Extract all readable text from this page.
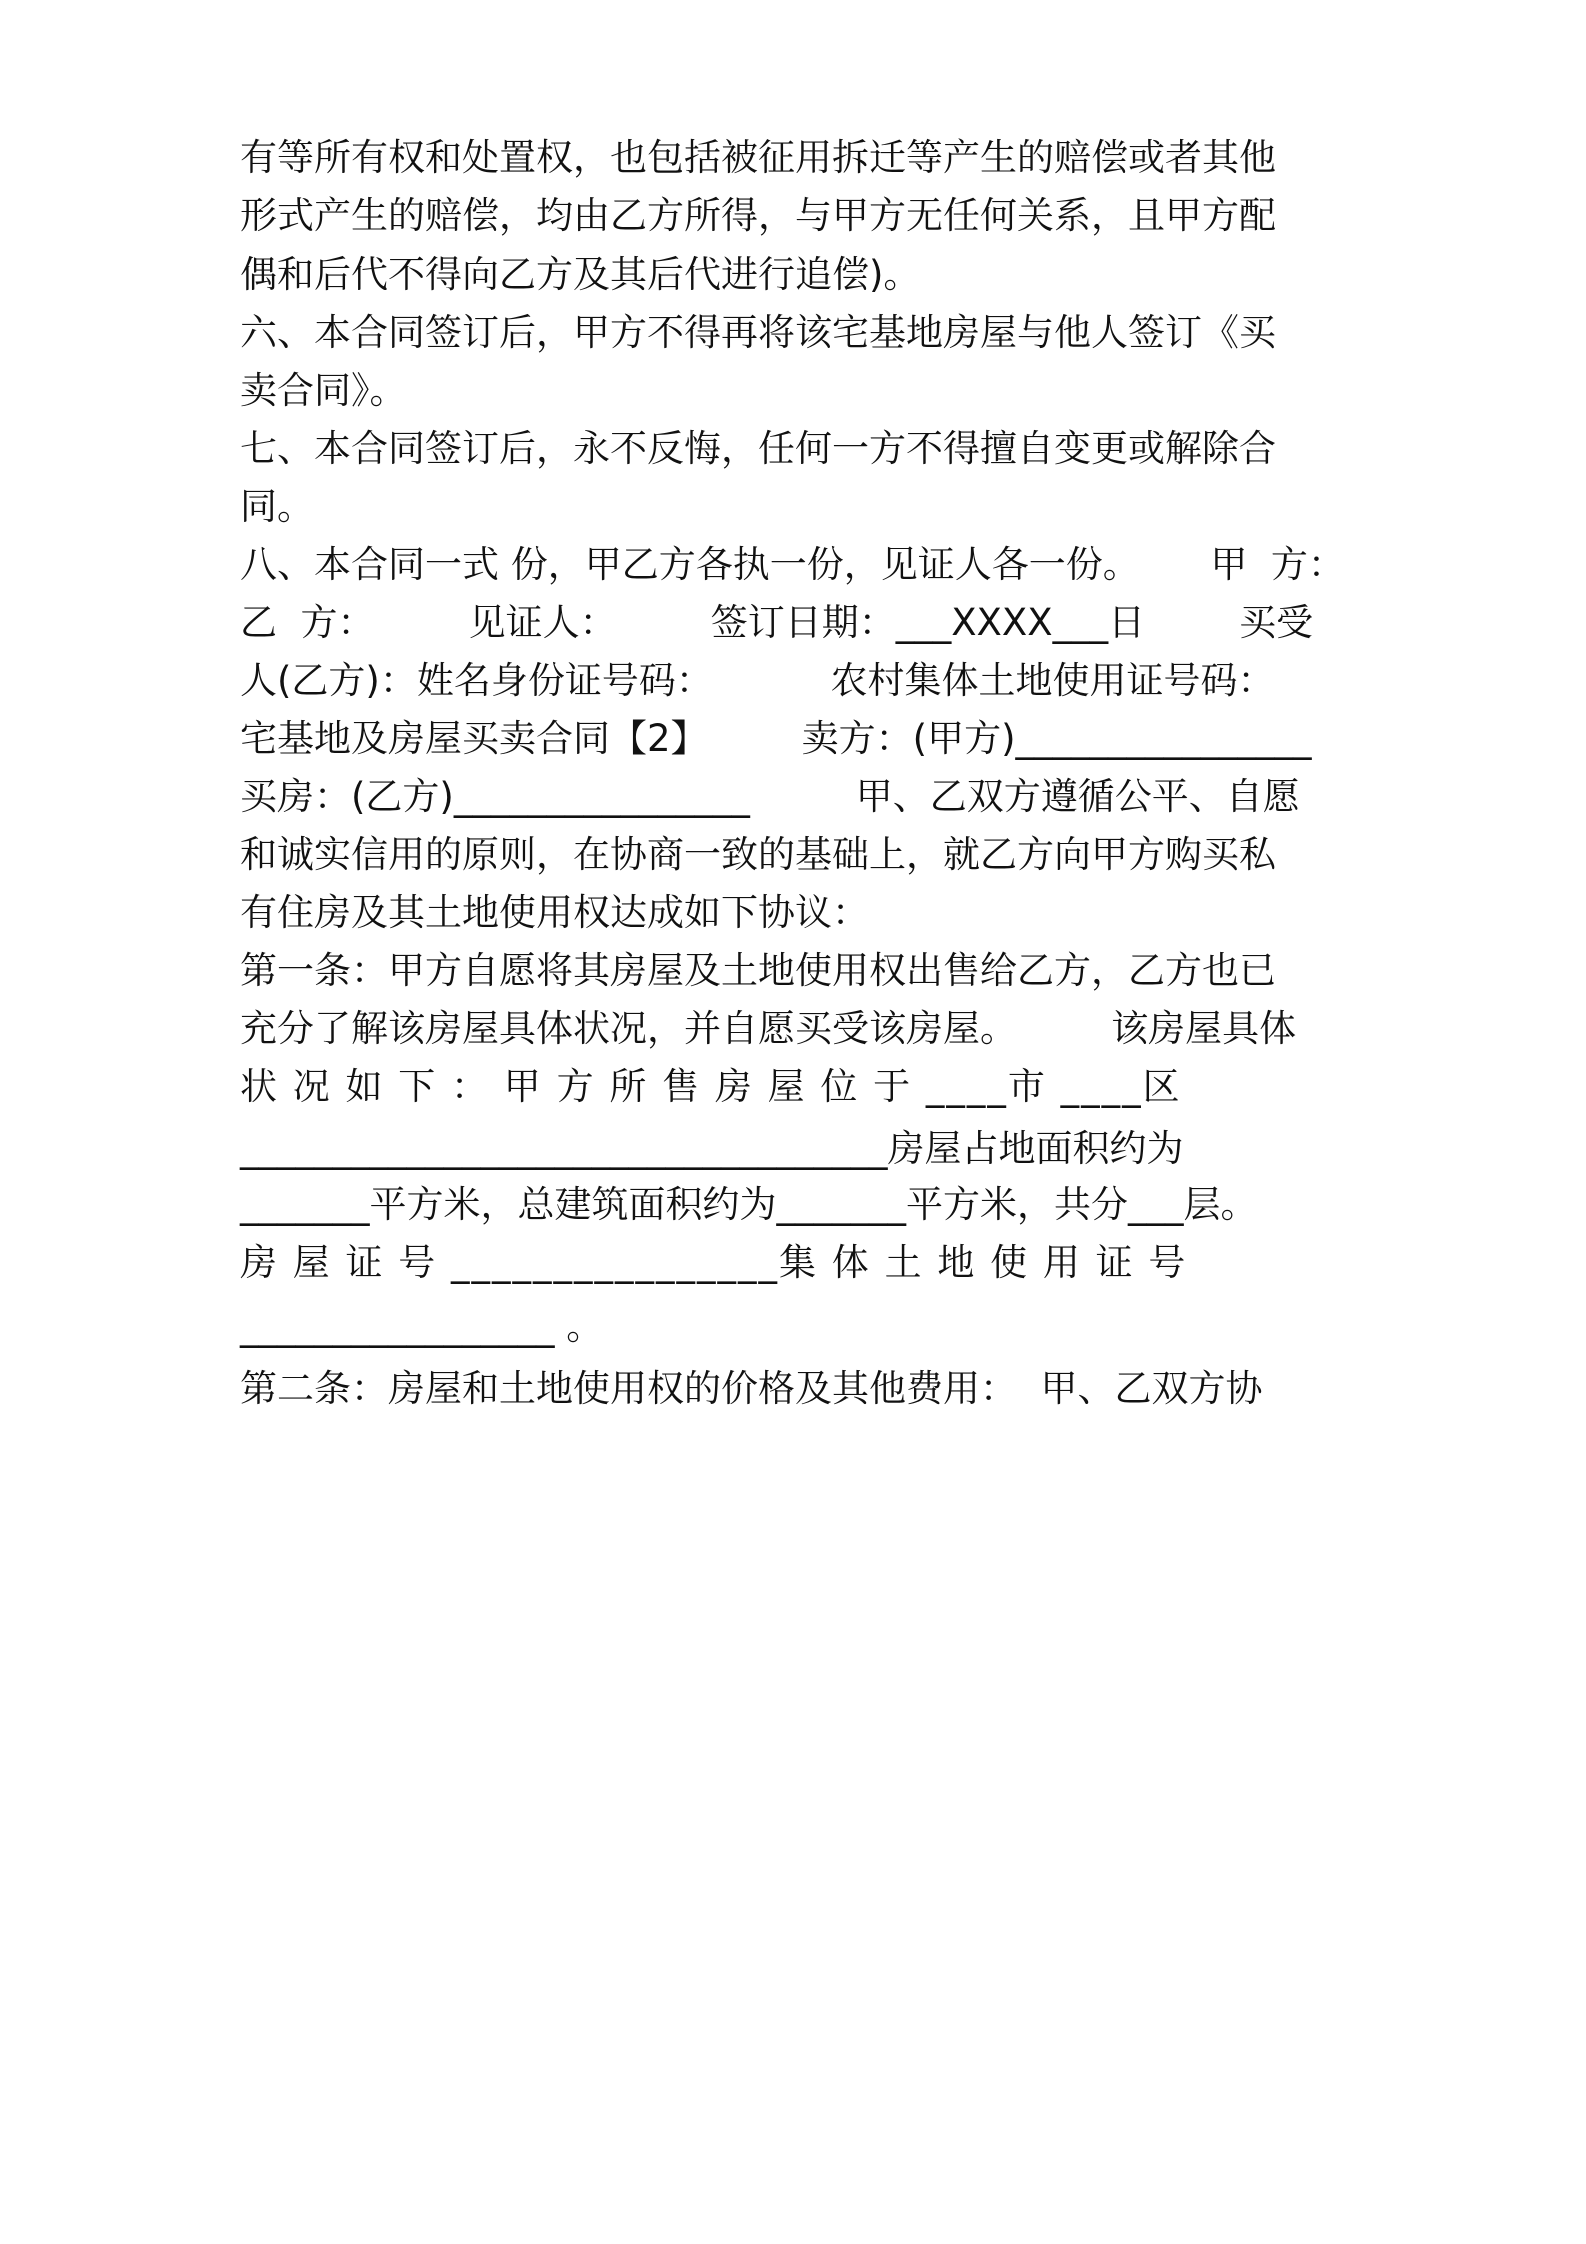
有等所有权和处置权，也包括被征用拆迁等产生的赔偿或者其他
形式产生的赔偿，均由乙方所得，与甲方无任何关系，且甲方配
偶和后代不得向乙方及其后代进行追偿)。
六、本合同签订后，甲方不得再将该宅基地房屋与他人签订《买
卖合同》。
七、本合同签订后，永不反悔，任何一方不得擅自变更或解除合
同。
八、本合同一式 份，甲乙方各执一份，见证人各一份。      甲  方：
乙  方：        见证人：        签订日期：___XXXX___日        买受
人(乙方)：姓名身份证号码：          农村集体土地使用证号码：
宅基地及房屋买卖合同【2】        卖方：(甲方)________________
买房：(乙方)________________         甲、乙双方遵循公平、自愿
和诚实信用的原则，在协商一致的基础上，就乙方向甲方购买私
有住房及其土地使用权达成如下协议：
第一条：甲方自愿将其房屋及土地使用权出售给乙方，乙方也已
充分了解该房屋具体状况，并自愿买受该房屋。        该房屋具体
状 况 如 下 ： 甲 方 所 售 房 屋 位 于 ____市 ____区
___________________________________房屋占地面积约为
_______平方米，总建筑面积约为_______平方米，共分___层。
房 屋 证 号 ________________集 体 土 地 使 用 证 号
_________________ 。
第二条：房屋和土地使用权的价格及其他费用：  甲、乙双方协
